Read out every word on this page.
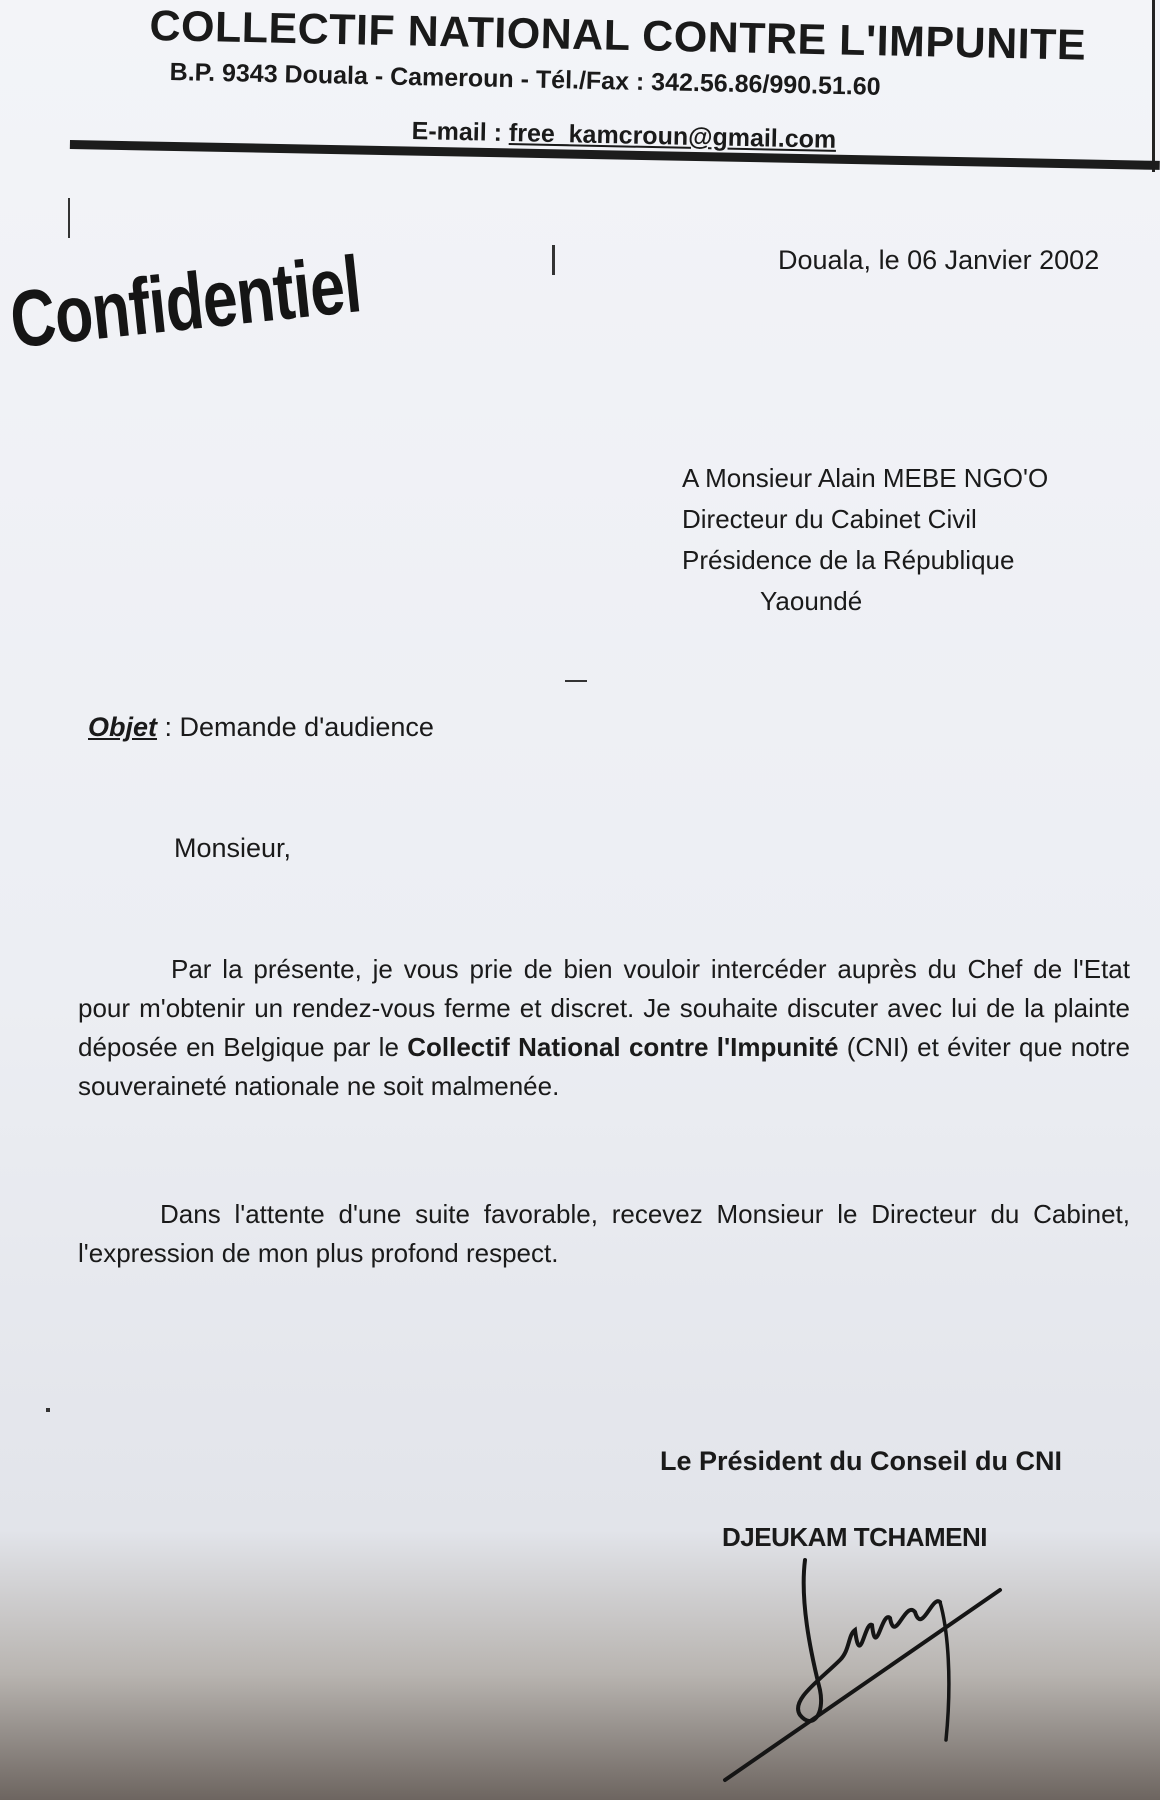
COLLECTIF NATIONAL CONTRE L'IMPUNITE
B.P. 9343 Douala - Cameroun - Tél./Fax : 342.56.86/990.51.60
E-mail : free_kamcroun@gmail.com
Confidentiel	Douala, le 06 Janvier 2002
A Monsieur Alain MEBE NGO'O
Directeur du Cabinet Civil
Présidence de la République
Yaoundé
Objet : Demande d'audience
Monsieur,
Par la présente, je vous prie de bien vouloir intercéder auprès du Chef de l'Etat pour m'obtenir un rendez-vous ferme et discret. Je souhaite discuter avec lui de la plainte déposée en Belgique par le Collectif National contre l'Impunité (CNI) et éviter que notre souveraineté nationale ne soit malmenée.
Dans l'attente d'une suite favorable, recevez Monsieur le Directeur du Cabinet, l'expression de mon plus profond respect.
Le Président du Conseil du CNI
DJEUKAM TCHAMENI
